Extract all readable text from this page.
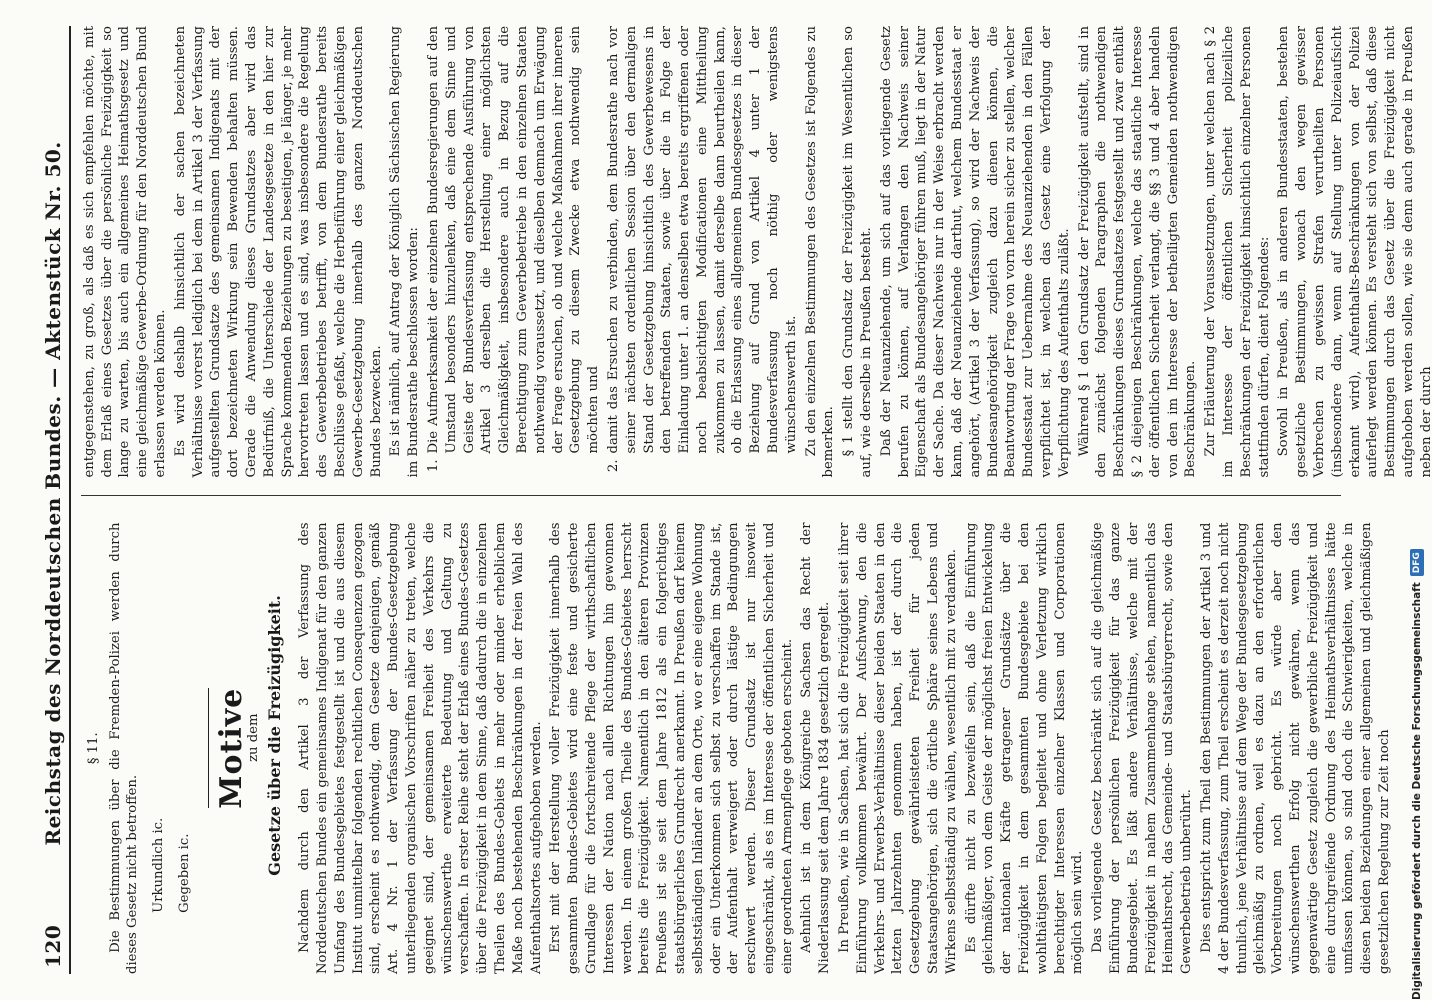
120
Reichstag des Norddeutschen Bundes. — Aktenstück Nr. 50.

§ 11. Die Bestimmungen über die Fremden-Polizei werden durch dieses Gesetz nicht betroffen. Urkundlich ic. Gegeben ic.

Motive

zu dem Gesetze über die Freizügigkeit. Nachdem durch den Artikel 3 der Verfassung des Norddeutschen Bundes ein gemeinsames Indigenat für den ganzen Umfang des Bundesgebietes festgestellt ist und die aus diesem Institut unmittelbar folgenden rechtlichen Consequenzen gezogen sind, erscheint es nothwendig, dem Gesetze denjenigen, gemäß Art. 4 Nr. 1 der Verfassung der Bundes-Gesetzgebung unterliegenden organischen Vorschriften näher zu treten, welche geeignet sind, der gemeinsamen Freiheit des Verkehrs die wünschenswerthe erweiterte Bedeutung und Geltung zu verschaffen. In erster Reihe steht der Erlaß eines Bundes-Gesetzes über die Freizügigkeit in dem Sinne, daß dadurch die in einzelnen Theilen des Bundes-Gebiets in mehr oder minder erheblichem Maße noch bestehenden Beschränkungen in der freien Wahl des Aufenthaltsortes aufgehoben werden. Erst mit der Herstellung voller Freizügigkeit innerhalb des gesammten Bundes-Gebietes wird eine feste und gesicherte Grundlage für die fortschreitende Pflege der wirthschaftlichen Interessen der Nation nach allen Richtungen hin gewonnen werden. In einem großen Theile des Bundes-Gebietes herrscht bereits die Freizügigkeit. Namentlich in den älteren Provinzen Preußens ist sie seit dem Jahre 1812 als ein folgerichtiges staatsbürgerliches Grundrecht anerkannt. In Preußen darf keinem selbstständigen Inländer an dem Orte, wo er eine eigene Wohnung oder ein Unterkommen sich selbst zu verschaffen im Stande ist, der Aufenthalt verweigert oder durch lästige Bedingungen erschwert werden. Dieser Grundsatz ist nur insoweit eingeschränkt, als es im Interesse der öffentlichen Sicherheit und einer geordneten Armenpflege geboten erscheint. Aehnlich ist in dem Königreiche Sachsen das Recht der Niederlassung seit dem Jahre 1834 gesetzlich geregelt. In Preußen, wie in Sachsen, hat sich die Freizügigkeit seit ihrer Einführung vollkommen bewährt. Der Aufschwung, den die Verkehrs- und Erwerbs-Verhältnisse dieser beiden Staaten in den letzten Jahrzehnten genommen haben, ist der durch die Gesetzgebung gewährleisteten Freiheit für jeden Staatsangehörigen, sich die örtliche Sphäre seines Lebens und Wirkens selbstständig zu wählen, wesentlich mit zu verdanken. Es dürfte nicht zu bezweifeln sein, daß die Einführung gleichmäßiger, von dem Geiste der möglichst freien Entwickelung der nationalen Kräfte getragener Grundsätze über die Freizügigkeit in dem gesammten Bundesgebiete bei den wohlthätigsten Folgen begleitet und ohne Verletzung wirklich berechtigter Interessen einzelner Klassen und Corporationen möglich sein wird. Das vorliegende Gesetz beschränkt sich auf die gleichmäßige Einführung der persönlichen Freizügigkeit für das ganze Bundesgebiet. Es läßt andere Verhältnisse, welche mit der Freizügigkeit in nahem Zusammenhange stehen, namentlich das Heimathsrecht, das Gemeinde- und Staatsbürgerrecht, sowie den Gewerbebetrieb unberührt. Dies entspricht zum Theil den Bestimmungen der Artikel 3 und 4 der Bundesverfassung, zum Theil erscheint es derzeit noch nicht thunlich, jene Verhältnisse auf dem Wege der Bundesgesetzgebung gleichmäßig zu ordnen, weil es dazu an den erforderlichen Vorbereitungen noch gebricht. Es würde aber den wünschenswerthen Erfolg nicht gewähren, wenn das gegenwärtige Gesetz zugleich die gewerbliche Freizügigkeit und eine durchgreifende Ordnung des Heimathsverhältnisses hätte umfassen können, so sind doch die Schwierigkeiten, welche in diesen beiden Beziehungen einer allgemeinen und gleichmäßigen gesetzlichen Regelung zur Zeit noch

entgegenstehen, zu groß, als daß es sich empfehlen möchte, mit dem Erlaß eines Gesetzes über die persönliche Freizügigkeit so lange zu warten, bis auch ein allgemeines Heimathsgesetz und eine gleichmäßige Gewerbe-Ordnung für den Norddeutschen Bund erlassen werden können. Es wird deshalb hinsichtlich der sachen bezeichneten Verhältnisse vorerst lediglich bei dem in Artikel 3 der Verfassung aufgestellten Grundsatze des gemeinsamen Indigenats mit der dort bezeichneten Wirkung sein Bewenden behalten müssen. Gerade die Anwendung dieses Grundsatzes aber wird das Bedürfniß, die Unterschiede der Landesgesetze in den hier zur Sprache kommenden Beziehungen zu beseitigen, je länger, je mehr hervortreten lassen und es sind, was insbesondere die Regelung des Gewerbebetriebes betrifft, von dem Bundesrathe bereits Beschlüsse gefaßt, welche die Herbeiführung einer gleichmäßigen Gewerbe-Gesetzgebung innerhalb des ganzen Norddeutschen Bundes bezwecken. Es ist nämlich, auf Antrag der Königlich Sächsischen Regierung im Bundesrathe beschlossen worden: 1.
Die Aufmerksamkeit der einzelnen Bundesregierungen auf den Umstand besonders hinzulenken, daß eine dem Sinne und Geiste der Bundesverfassung entsprechende Ausführung von Artikel 3 derselben die Herstellung einer möglichsten Gleichmäßigkeit, insbesondere auch in Bezug auf die Berechtigung zum Gewerbebetriebe in den einzelnen Staaten nothwendig voraussetzt, und dieselben demnach um Erwägung der Frage ersuchen, ob und welche Maßnahmen ihrer inneren Gesetzgebung zu diesem Zwecke etwa nothwendig sein möchten und
2.
damit das Ersuchen zu verbinden, dem Bundesrathe nach vor seiner nächsten ordentlichen Session über den dermaligen Stand der Gesetzgebung hinsichtlich des Gewerbewesens in den betreffenden Staaten, sowie über die in Folge der Einladung unter 1. an denselben etwa bereits ergriffenen oder noch beabsichtigten Modificationen eine Mittheilung zukommen zu lassen, damit derselbe dann beurtheilen kann, ob die Erlassung eines allgemeinen Bundesgesetzes in dieser Beziehung auf Grund von Artikel 4 unter 1 der Bundesverfassung noch nöthig oder wenigstens wünschenswerth ist. Zu den einzelnen Bestimmungen des Gesetzes ist Folgendes zu bemerken. § 1 stellt den Grundsatz der Freizügigkeit im Wesentlichen so auf, wie derselbe in Preußen besteht. Daß der Neuanziehende, um sich auf das vorliegende Gesetz berufen zu können, auf Verlangen den Nachweis seiner Eigenschaft als Bundesangehöriger führen muß, liegt in der Natur der Sache. Da dieser Nachweis nur in der Weise erbracht werden kann, daß der Neuanziehende darthut, welchem Bundesstaat er angehört, (Artikel 3 der Verfassung), so wird der Nachweis der Bundesangehörigkeit zugleich dazu dienen können, die Beantwortung der Frage von vorn herein sicher zu stellen, welcher Bundesstaat zur Uebernahme des Neuanziehenden in den Fällen verpflichtet ist, in welchen das Gesetz eine Verfolgung der Verpflichtung des Aufenthalts zuläßt. Während § 1 den Grundsatz der Freizügigkeit aufstellt, sind in den zunächst folgenden Paragraphen die nothwendigen Beschränkungen dieses Grundsatzes festgestellt und zwar enthält § 2 diejenigen Beschränkungen, welche das staatliche Interesse der öffentlichen Sicherheit verlangt, die §§ 3 und 4 aber handeln von den im Interesse der betheiligten Gemeinden nothwendigen Beschränkungen. Zur Erläuterung der Voraussetzungen, unter welchen nach § 2 im Interesse der öffentlichen Sicherheit polizeiliche Beschränkungen der Freizügigkeit hinsichtlich einzelner Personen stattfinden dürfen, dient Folgendes: Sowohl in Preußen, als in anderen Bundesstaaten, bestehen gesetzliche Bestimmungen, wonach den wegen gewisser Verbrechen zu gewissen Strafen verurtheilten Personen (insbesondere dann, wenn auf Stellung unter Polizeiaufsicht erkannt wird), Aufenthalts-Beschränkungen von der Polizei auferlegt werden können. Es versteht sich von selbst, daß diese Bestimmungen durch das Gesetz über die Freizügigkeit nicht aufgehoben werden sollen, wie sie denn auch gerade in Preußen neben der durch

Digitalisierung gefördert durch die Deutsche Forschungsgemeinschaft
DFG
